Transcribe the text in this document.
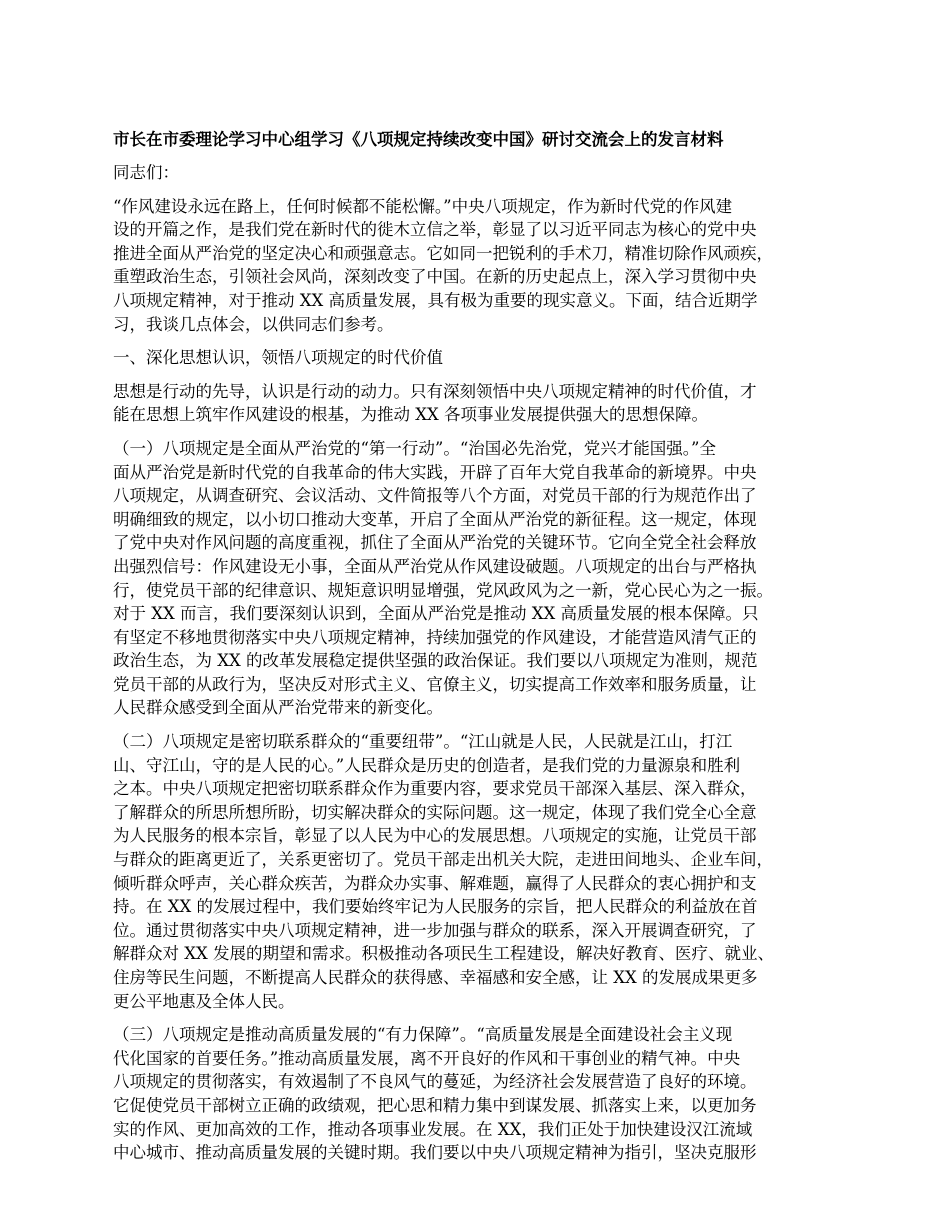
市长在市委理论学习中心组学习《八项规定持续改变中国》研讨交流会上的发言材料
同志们：
“作风建设永远在路上，任何时候都不能松懈。”中央八项规定，作为新时代党的作风建
设的开篇之作，是我们党在新时代的徙木立信之举，彰显了以习近平同志为核心的党中央
推进全面从严治党的坚定决心和顽强意志。它如同一把锐利的手术刀，精准切除作风顽疾，
重塑政治生态，引领社会风尚，深刻改变了中国。在新的历史起点上，深入学习贯彻中央
八项规定精神，对于推动 XX 高质量发展，具有极为重要的现实意义。下面，结合近期学
习，我谈几点体会，以供同志们参考。
一、深化思想认识，领悟八项规定的时代价值
思想是行动的先导，认识是行动的动力。只有深刻领悟中央八项规定精神的时代价值，才
能在思想上筑牢作风建设的根基，为推动 XX 各项事业发展提供强大的思想保障。
（一）八项规定是全面从严治党的“第一行动”。“治国必先治党，党兴才能国强。”全
面从严治党是新时代党的自我革命的伟大实践，开辟了百年大党自我革命的新境界。中央
八项规定，从调查研究、会议活动、文件简报等八个方面，对党员干部的行为规范作出了
明确细致的规定，以小切口推动大变革，开启了全面从严治党的新征程。这一规定，体现
了党中央对作风问题的高度重视，抓住了全面从严治党的关键环节。它向全党全社会释放
出强烈信号：作风建设无小事，全面从严治党从作风建设破题。八项规定的出台与严格执
行，使党员干部的纪律意识、规矩意识明显增强，党风政风为之一新，党心民心为之一振。
对于 XX 而言，我们要深刻认识到，全面从严治党是推动 XX 高质量发展的根本保障。只
有坚定不移地贯彻落实中央八项规定精神，持续加强党的作风建设，才能营造风清气正的
政治生态，为 XX 的改革发展稳定提供坚强的政治保证。我们要以八项规定为准则，规范
党员干部的从政行为，坚决反对形式主义、官僚主义，切实提高工作效率和服务质量，让
人民群众感受到全面从严治党带来的新变化。
（二）八项规定是密切联系群众的“重要纽带”。“江山就是人民，人民就是江山，打江
山、守江山，守的是人民的心。”人民群众是历史的创造者，是我们党的力量源泉和胜利
之本。中央八项规定把密切联系群众作为重要内容，要求党员干部深入基层、深入群众，
了解群众的所思所想所盼，切实解决群众的实际问题。这一规定，体现了我们党全心全意
为人民服务的根本宗旨，彰显了以人民为中心的发展思想。八项规定的实施，让党员干部
与群众的距离更近了，关系更密切了。党员干部走出机关大院，走进田间地头、企业车间，
倾听群众呼声，关心群众疾苦，为群众办实事、解难题，赢得了人民群众的衷心拥护和支
持。在 XX 的发展过程中，我们要始终牢记为人民服务的宗旨，把人民群众的利益放在首
位。通过贯彻落实中央八项规定精神，进一步加强与群众的联系，深入开展调查研究，了
解群众对 XX 发展的期望和需求。积极推动各项民生工程建设，解决好教育、医疗、就业、
住房等民生问题，不断提高人民群众的获得感、幸福感和安全感，让 XX 的发展成果更多
更公平地惠及全体人民。
（三）八项规定是推动高质量发展的“有力保障”。“高质量发展是全面建设社会主义现
代化国家的首要任务。”推动高质量发展，离不开良好的作风和干事创业的精气神。中央
八项规定的贯彻落实，有效遏制了不良风气的蔓延，为经济社会发展营造了良好的环境。
它促使党员干部树立正确的政绩观，把心思和精力集中到谋发展、抓落实上来，以更加务
实的作风、更加高效的工作，推动各项事业发展。在 XX，我们正处于加快建设汉江流域
中心城市、推动高质量发展的关键时期。我们要以中央八项规定精神为指引，坚决克服形
